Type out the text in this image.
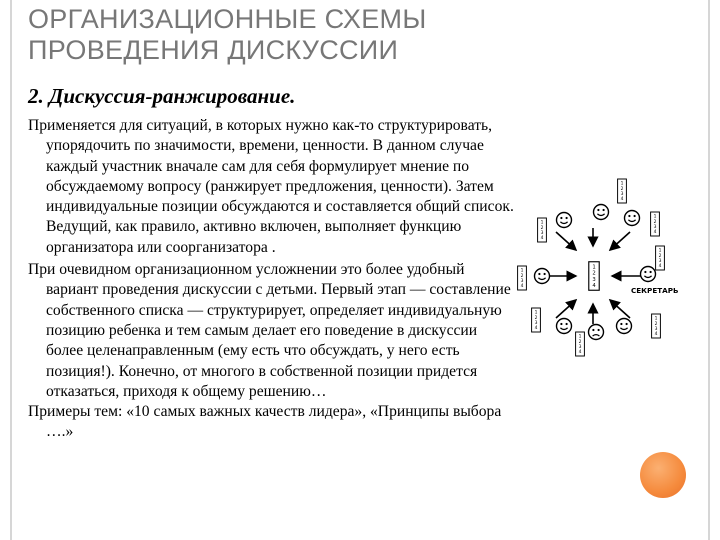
ОРГАНИЗАЦИОННЫЕ СХЕМЫ
ПРОВЕДЕНИЯ ДИСКУССИИ
2. Дискуссия-ранжирование.

Применяется для ситуаций, в которых нужно как-то структурировать, упорядочить по значимости, времени, ценности. В данном случае каждый участник вначале сам для себя формулирует мнение по обсуждаемому вопросу (ранжирует предложения, ценности). Затем индивидуальные позиции обсуждаются и составляется общий список. Ведущий, как правило, активно включен, выполняет функцию организатора или соорганизатора .

При очевидном организационном усложнении это более удобный вариант проведения дискуссии с детьми. Первый этап — составление собственного списка — структурирует, определяет индивидуальную позицию ребенка и тем самым делает его поведение в дискуссии более целенаправленным (ему есть что обсуждать, у него есть позиция!). Конечно, от многого в собственной позиции придется отказаться, приходя к общему решению…

Примеры тем: «10 самых важных качеств лидера», «Принципы выбора ….»

1
2
3
4
СЕКРЕТАРЬ
